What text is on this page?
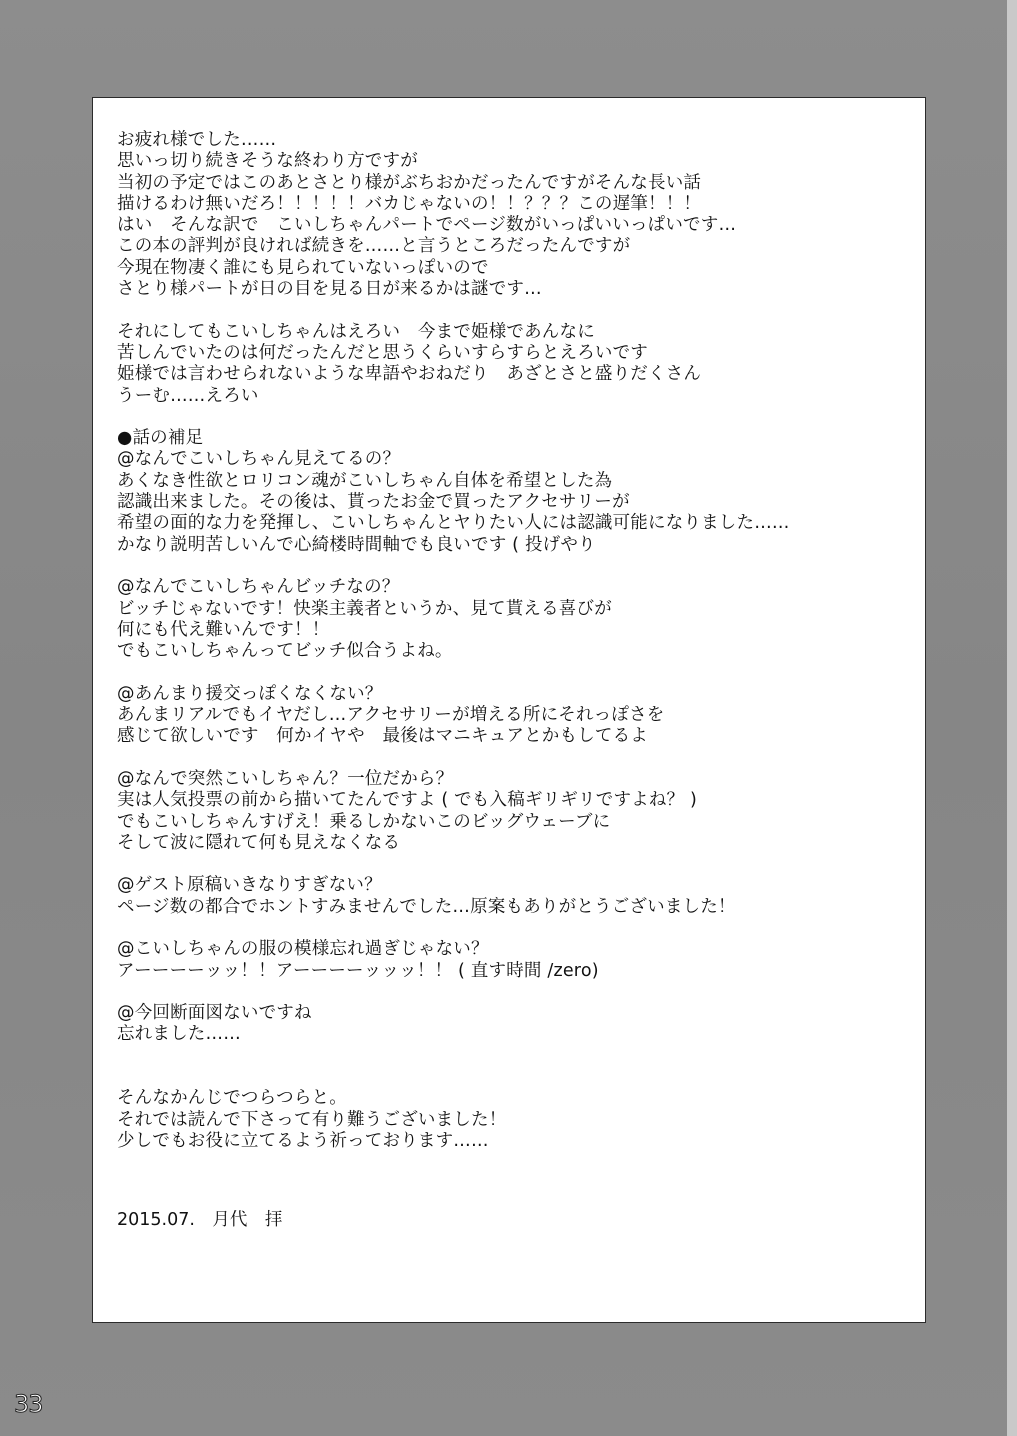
お疲れ様でした……
思いっ切り続きそうな終わり方ですが
当初の予定ではこのあとさとり様がぶちおかだったんですがそんな長い話
描けるわけ無いだろ！！！！！バカじゃないの！！？？？この遅筆！！！
はい　そんな訳で　こいしちゃんパートでページ数がいっぱいいっぱいです…
この本の評判が良ければ続きを……と言うところだったんですが
今現在物凄く誰にも見られていないっぽいので
さとり様パートが日の目を見る日が来るかは謎です…
それにしてもこいしちゃんはえろい　今まで姫様であんなに
苦しんでいたのは何だったんだと思うくらいすらすらとえろいです
姫様では言わせられないような卑語やおねだり　あざとさと盛りだくさん
うーむ……えろい
●話の補足
@なんでこいしちゃん見えてるの？
あくなき性欲とロリコン魂がこいしちゃん自体を希望とした為
認識出来ました。その後は、貰ったお金で買ったアクセサリーが
希望の面的な力を発揮し、こいしちゃんとヤりたい人には認識可能になりました……
かなり説明苦しいんで心綺楼時間軸でも良いです ( 投げやり
@なんでこいしちゃんビッチなの？
ビッチじゃないです！快楽主義者というか、見て貰える喜びが
何にも代え難いんです！！
でもこいしちゃんってビッチ似合うよね。
@あんまり援交っぽくなくない？
あんまリアルでもイヤだし…アクセサリーが増える所にそれっぽさを
感じて欲しいです　何かイヤや　最後はマニキュアとかもしてるよ
@なんで突然こいしちゃん？一位だから？
実は人気投票の前から描いてたんですよ ( でも入稿ギリギリですよね？ )
でもこいしちゃんすげえ！乗るしかないこのビッグウェーブに
そして波に隠れて何も見えなくなる
@ゲスト原稿いきなりすぎない？
ページ数の都合でホントすみませんでした…原案もありがとうございました！
@こいしちゃんの服の模様忘れ過ぎじゃない？
アーーーーッッ！！アーーーーッッッ！！ ( 直す時間 /zero)
@今回断面図ないですね
忘れました……
そんなかんじでつらつらと。
それでは読んで下さって有り難うございました！
少しでもお役に立てるよう祈っております……
2015.07.　月代　拝
33
